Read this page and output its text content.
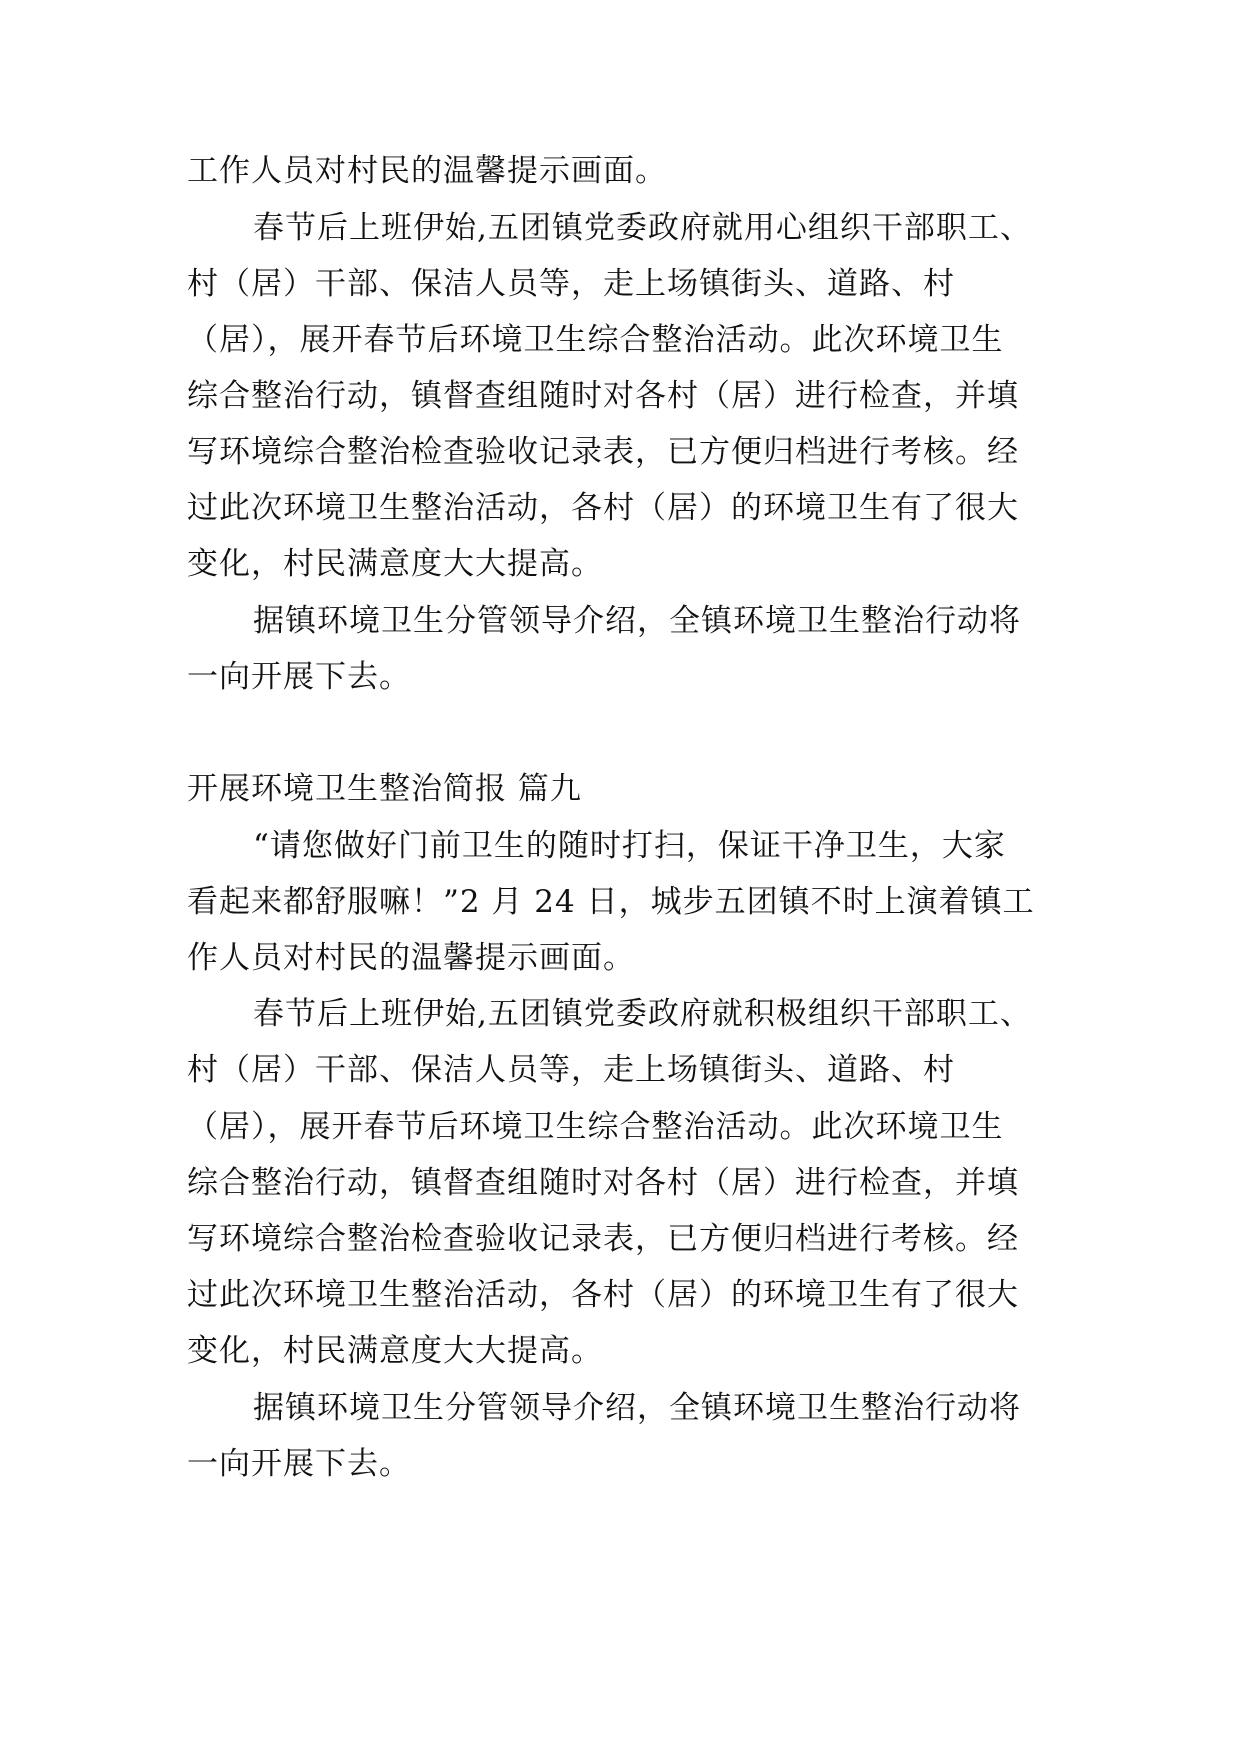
工作人员对村民的温馨提示画面。
春节后上班伊始,五团镇党委政府就用心组织干部职工、
村（居）干部、保洁人员等，走上场镇街头、道路、村
（居），展开春节后环境卫生综合整治活动。此次环境卫生
综合整治行动，镇督查组随时对各村（居）进行检查，并填
写环境综合整治检查验收记录表，已方便归档进行考核。经
过此次环境卫生整治活动，各村（居）的环境卫生有了很大
变化，村民满意度大大提高。
据镇环境卫生分管领导介绍，全镇环境卫生整治行动将
一向开展下去。
开展环境卫生整治简报 篇九
“请您做好门前卫生的随时打扫，保证干净卫生，大家
看起来都舒服嘛！”2 月 24 日，城步五团镇不时上演着镇工
作人员对村民的温馨提示画面。
春节后上班伊始,五团镇党委政府就积极组织干部职工、
村（居）干部、保洁人员等，走上场镇街头、道路、村
（居），展开春节后环境卫生综合整治活动。此次环境卫生
综合整治行动，镇督查组随时对各村（居）进行检查，并填
写环境综合整治检查验收记录表，已方便归档进行考核。经
过此次环境卫生整治活动，各村（居）的环境卫生有了很大
变化，村民满意度大大提高。
据镇环境卫生分管领导介绍，全镇环境卫生整治行动将
一向开展下去。
